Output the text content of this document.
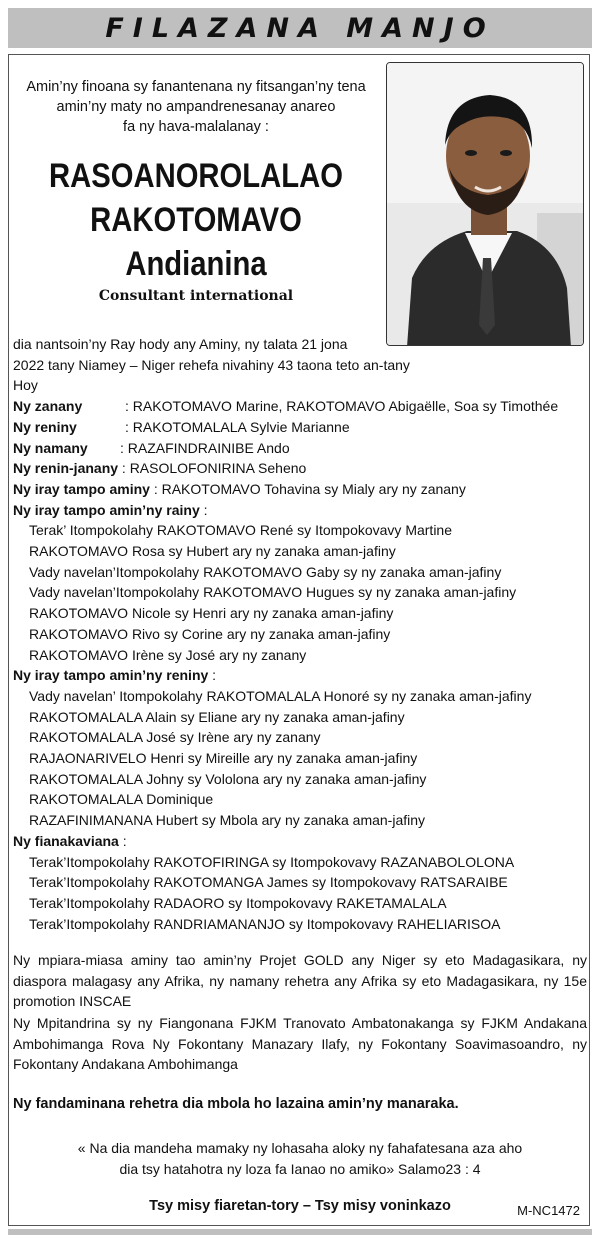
FILAZANA MANJO
Amin’ny finoana sy fanantenana ny fitsangan’ny tena
amin’ny maty no ampandrenesanay anareo
fa ny hava-malalanay :
RASOANOROLALAO
RAKOTOMAVO
Andianina
Consultant international
dia nantsoin’ny Ray hody any Aminy, ny talata 21 jona
2022 tany Niamey – Niger rehefa nivahiny 43 taona teto an-tany
Hoy
Ny zanany	: RAKOTOMAVO Marine, RAKOTOMAVO Abigaëlle, Soa sy Timothée
Ny reniny	: RAKOTOMALALA Sylvie Marianne
Ny namany : RAZAFINDRAINIBE Ando
Ny renin-janany : RASOLOFONIRINA Seheno
Ny iray tampo aminy : RAKOTOMAVO Tohavina sy Mialy ary ny zanany
Ny iray tampo amin’ny rainy :
Terak’ Itompokolahy RAKOTOMAVO René sy Itompokovavy Martine
RAKOTOMAVO Rosa sy Hubert ary ny zanaka aman-jafiny
Vady navelan’Itompokolahy RAKOTOMAVO Gaby sy ny zanaka aman-jafiny
Vady navelan’Itompokolahy RAKOTOMAVO Hugues sy ny zanaka aman-jafiny
RAKOTOMAVO Nicole sy Henri ary ny zanaka aman-jafiny
RAKOTOMAVO Rivo sy Corine ary ny zanaka aman-jafiny
RAKOTOMAVO Irène sy José ary ny zanany
Ny iray tampo amin’ny reniny :
Vady navelan’ Itompokolahy RAKOTOMALALA Honoré sy ny zanaka aman-jafiny
RAKOTOMALALA Alain sy Eliane ary ny zanaka aman-jafiny
RAKOTOMALALA José sy Irène ary ny zanany
RAJAONARIVELO Henri sy Mireille ary ny zanaka aman-jafiny
RAKOTOMALALA Johny sy Vololona ary ny zanaka aman-jafiny
RAKOTOMALALA Dominique
RAZAFINIMANANA Hubert sy Mbola ary ny zanaka aman-jafiny
Ny fianakaviana :
Terak’Itompokolahy RAKOTOFIRINGA sy Itompokovavy RAZANABOLOLONA
Terak’Itompokolahy RAKOTOMANGA James sy Itompokovavy RATSARAIBE
Terak’Itompokolahy RADAORO sy Itompokovavy RAKETAMALALA
Terak’Itompokolahy RANDRIAMANANJO sy Itompokovavy RAHELIARISOA
Ny mpiara-miasa aminy tao amin’ny Projet GOLD any Niger sy eto Madagasikara, ny diaspora malagasy any Afrika, ny namany rehetra any Afrika sy eto Madagasikara, ny 15e promotion INSCAE
Ny Mpitandrina sy ny Fiangonana FJKM Tranovato Ambatonakanga sy FJKM Andakana Ambohimanga Rova Ny Fokontany Manazary Ilafy, ny Fokontany Soavimasoandro, ny Fokontany Andakana Ambohimanga
Ny fandaminana rehetra dia mbola ho lazaina amin’ny manaraka.
« Na dia mandeha mamaky ny lohasaha aloky ny fahafatesana aza aho
dia tsy hatahotra ny loza fa Ianao no amiko» Salamo23 : 4
Tsy misy fiaretan-tory – Tsy misy voninkazo	M-NC1472
